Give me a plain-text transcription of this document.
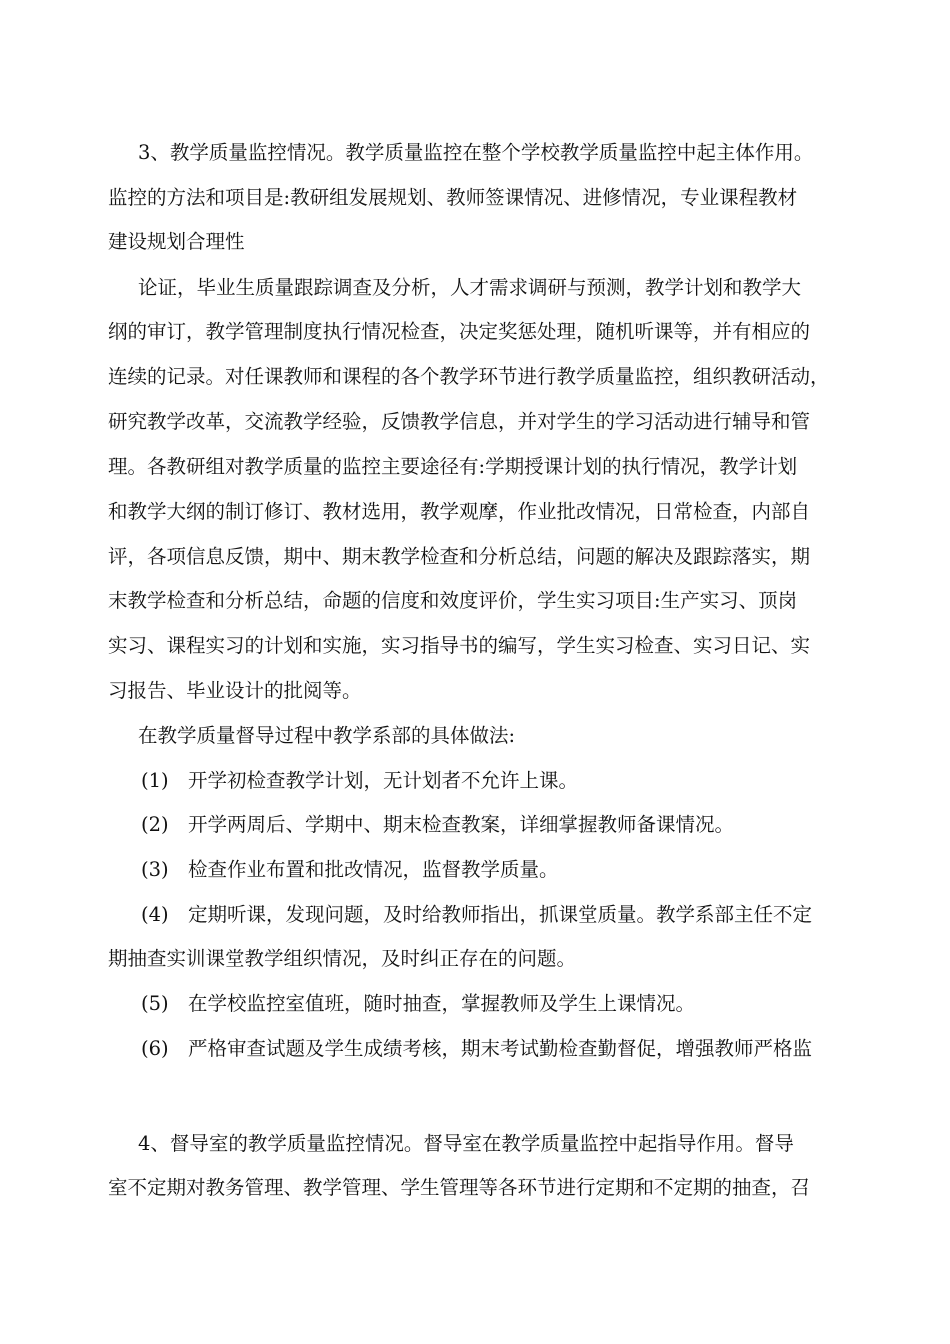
3、教学质量监控情况。教学质量监控在整个学校教学质量监控中起主体作用。

监控的方法和项目是:教研组发展规划、教师签课情况、进修情况，专业课程教材

建设规划合理性

论证，毕业生质量跟踪调查及分析，人才需求调研与预测，教学计划和教学大

纲的审订，教学管理制度执行情况检查，决定奖惩处理，随机听课等，并有相应的

连续的记录。对任课教师和课程的各个教学环节进行教学质量监控，组织教研活动，

研究教学改革，交流教学经验，反馈教学信息，并对学生的学习活动进行辅导和管

理。各教研组对教学质量的监控主要途径有:学期授课计划的执行情况，教学计划

和教学大纲的制订修订、教材选用，教学观摩，作业批改情况，日常检查，内部自

评，各项信息反馈，期中、期末教学检查和分析总结，问题的解决及跟踪落实，期

末教学检查和分析总结，命题的信度和效度评价，学生实习项目:生产实习、顶岗

实习、课程实习的计划和实施，实习指导书的编写，学生实习检查、实习日记、实

习报告、毕业设计的批阅等。

在教学质量督导过程中教学系部的具体做法:

(1) 开学初检查教学计划，无计划者不允许上课。
(2) 开学两周后、学期中、期末检查教案，详细掌握教师备课情况。
(3) 检查作业布置和批改情况，监督教学质量。
(4) 定期听课，发现问题，及时给教师指出，抓课堂质量。教学系部主任不定
期抽查实训课堂教学组织情况，及时纠正存在的问题。
(5) 在学校监控室值班，随时抽查，掌握教师及学生上课情况。
(6) 严格审查试题及学生成绩考核，期末考试勤检查勤督促，增强教师严格监

4、督导室的教学质量监控情况。督导室在教学质量监控中起指导作用。督导

室不定期对教务管理、教学管理、学生管理等各环节进行定期和不定期的抽查，召
